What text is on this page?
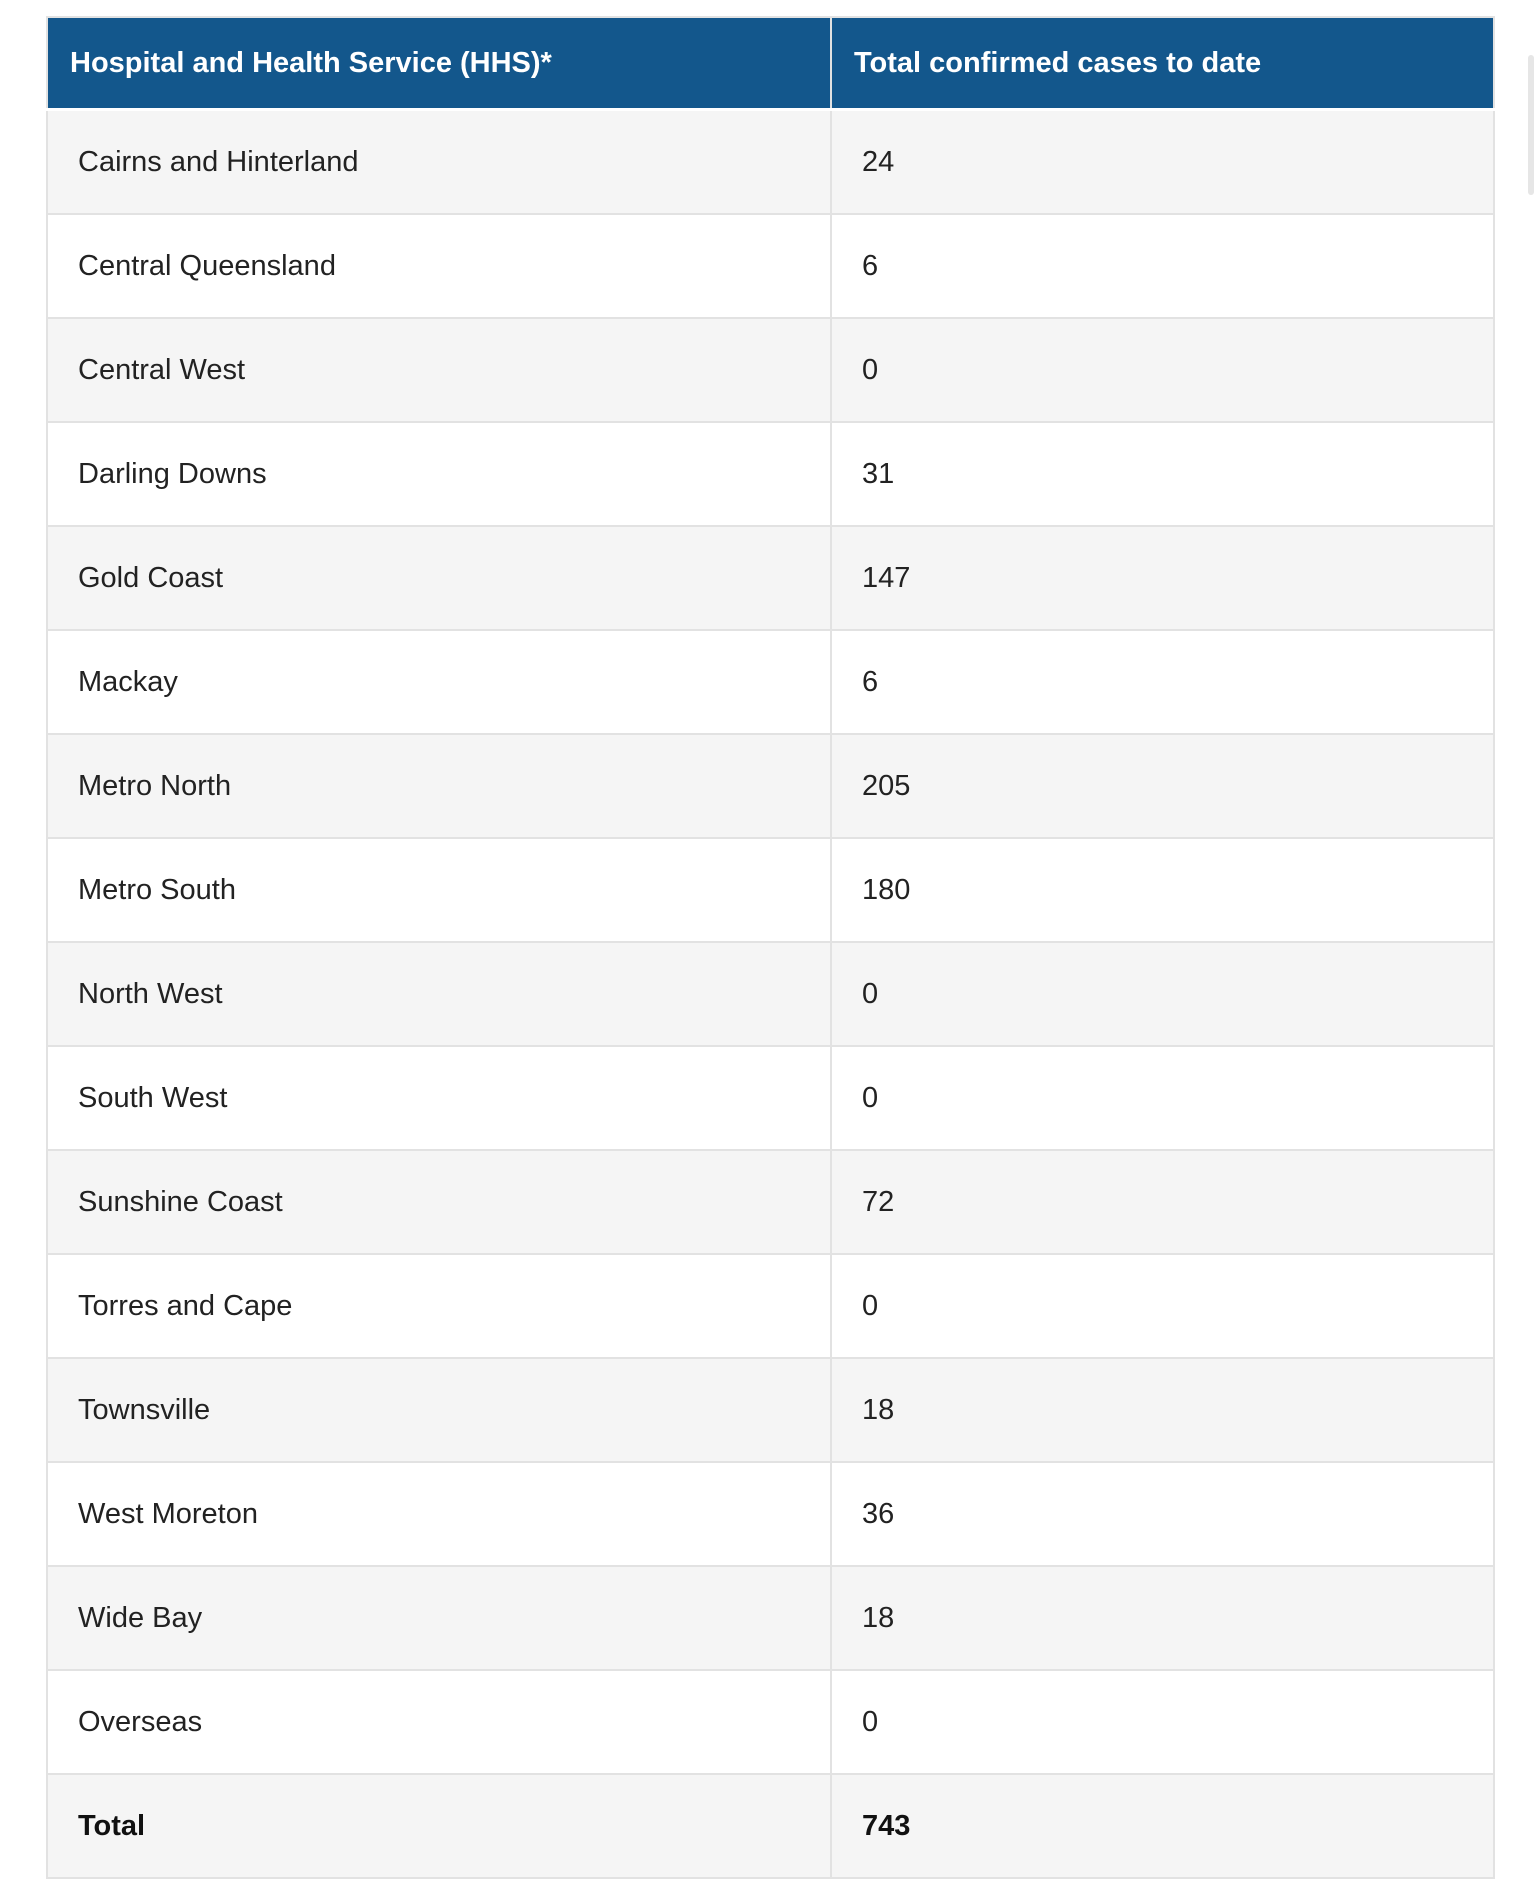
Hospital and Health Service (HHS)*	Total confirmed cases to date
Cairns and Hinterland	24
Central Queensland	6
Central West	0
Darling Downs	31
Gold Coast	147
Mackay	6
Metro North	205
Metro South	180
North West	0
South West	0
Sunshine Coast	72
Torres and Cape	0
Townsville	18
West Moreton	36
Wide Bay	18
Overseas	0
Total	743
